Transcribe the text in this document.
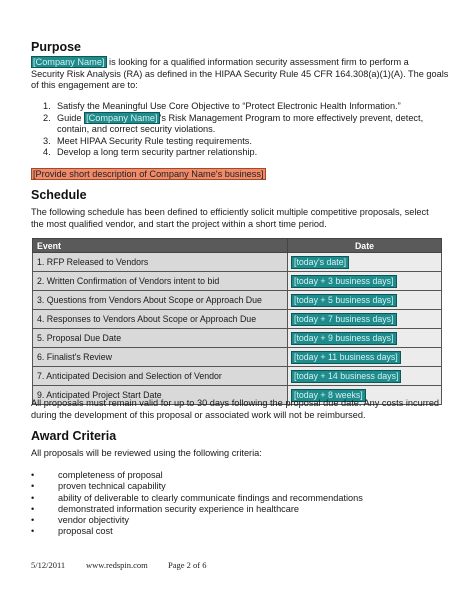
Purpose

[Company Name] is looking for a qualified information security assessment firm to perform a
Security Risk Analysis (RA) as defined in the HIPAA Security Rule 45 CFR 164.308(a)(1)(A). The goals
of this engagement are to:

1. Satisfy the Meaningful Use Core Objective to “Protect Electronic Health Information.”
2. Guide [Company Name] 's Risk Management Program to more effectively prevent, detect,
contain, and correct security violations.
3. Meet HIPAA Security Rule testing requirements.
4. Develop a long term security partner relationship.

[Provide short description of Company Name's business]

Schedule

The following schedule has been defined to efficiently solicit multiple competitive proposals, select
the most qualified vendor, and start the project within a short time period.

Event	Date
1. RFP Released to Vendors	[today's date]
2. Written Confirmation of Vendors intent to bid	[today + 3 business days]
3. Questions from Vendors About Scope or Approach Due	[today + 5 business days]
4. Responses to Vendors About Scope or Approach Due	[today + 7 business days]
5. Proposal Due Date	[today + 9 business days]
6. Finalist's Review	[today + 11 business days]
7. Anticipated Decision and Selection of Vendor	[today + 14 business days]
9. Anticipated Project Start Date	[today + 8 weeks]

All proposals must remain valid for up to 30 days following the proposal due date. Any costs incurred
during the development of this proposal or associated work will not be reimbursed.

Award Criteria

All proposals will be reviewed using the following criteria:

•	completeness of proposal
•	proven technical capability
•	ability of deliverable to clearly communicate findings and recommendations
•	demonstrated information security experience in healthcare
•	vendor objectivity
•	proposal cost
5/12/2011 www.redspin.com Page 2 of 6
